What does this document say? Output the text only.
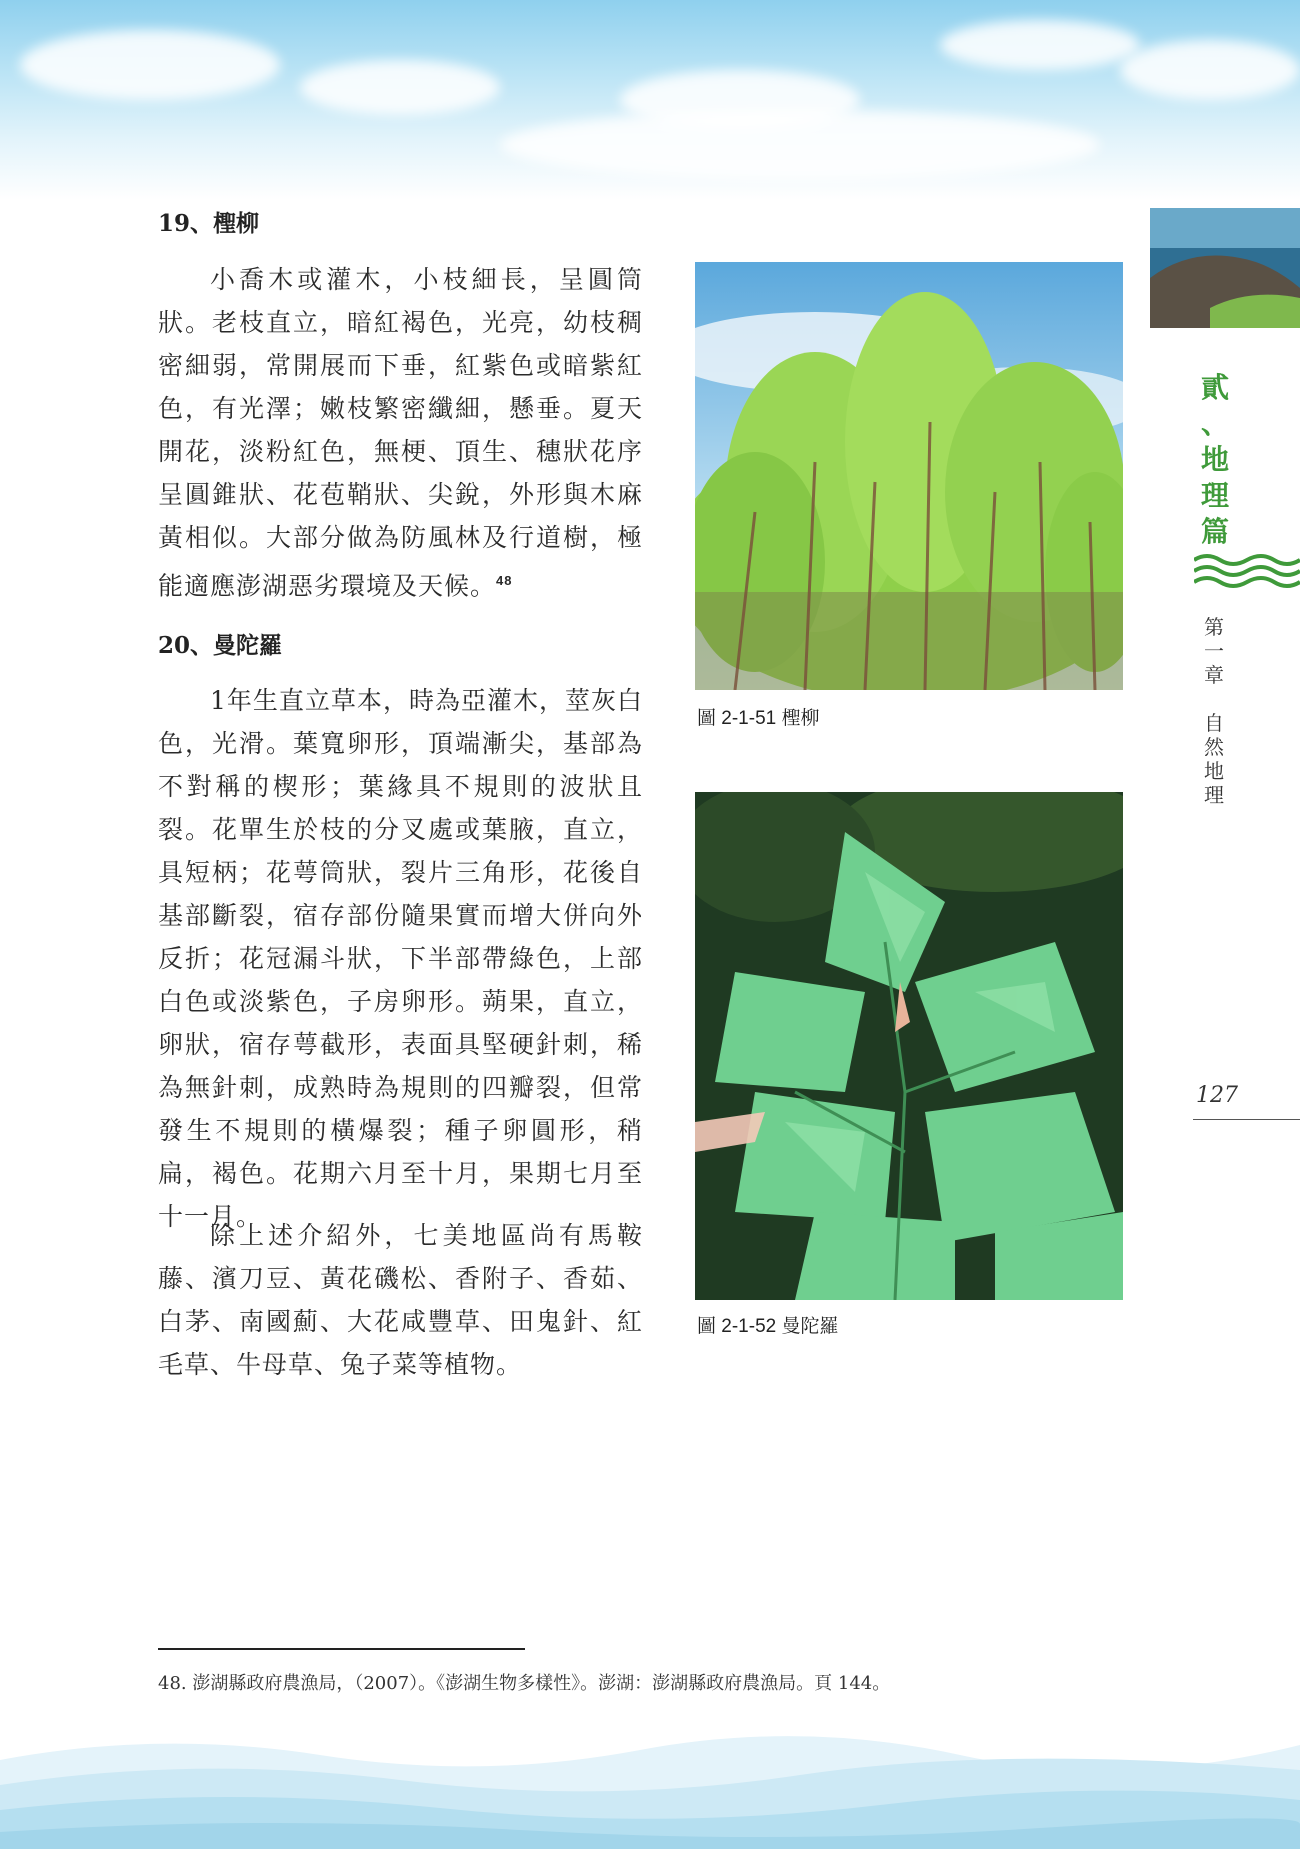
19、檉柳

小喬木或灌木，小枝細長，呈圓筒狀。老枝直立，暗紅褐色，光亮，幼枝稠密細弱，常開展而下垂，紅紫色或暗紫紅色，有光澤；嫩枝繁密纖細，懸垂。夏天開花，淡粉紅色，無梗、頂生、穗狀花序呈圓錐狀、花苞鞘狀、尖銳，外形與木麻黃相似。大部分做為防風林及行道樹，極能適應澎湖惡劣環境及天候。$^{48}$

20、曼陀羅

1年生直立草本，時為亞灌木，莖灰白色，光滑。葉寬卵形，頂端漸尖，基部為不對稱的楔形；葉緣具不規則的波狀且裂。花單生於枝的分叉處或葉腋，直立，具短柄；花萼筒狀，裂片三角形，花後自基部斷裂，宿存部份隨果實而增大併向外反折；花冠漏斗狀，下半部帶綠色，上部白色或淡紫色，子房卵形。蒴果，直立，卵狀，宿存萼截形，表面具堅硬針刺，稀為無針刺，成熟時為規則的四瓣裂，但常發生不規則的橫爆裂；種子卵圓形，稍扁，褐色。花期六月至十月，果期七月至十一月。

除上述介紹外，七美地區尚有馬鞍藤、濱刀豆、黃花磯松、香附子、香茹、白茅、南國薊、大花咸豐草、田鬼針、紅毛草、牛母草、兔子菜等植物。

圖 2-1-51 檉柳
圖 2-1-52 曼陀羅
貳
、
地
理
篇
第
一
章

自
然
地
理
127
48. 澎湖縣政府農漁局，（2007）。《澎湖生物多樣性》。澎湖：澎湖縣政府農漁局。頁 144。
